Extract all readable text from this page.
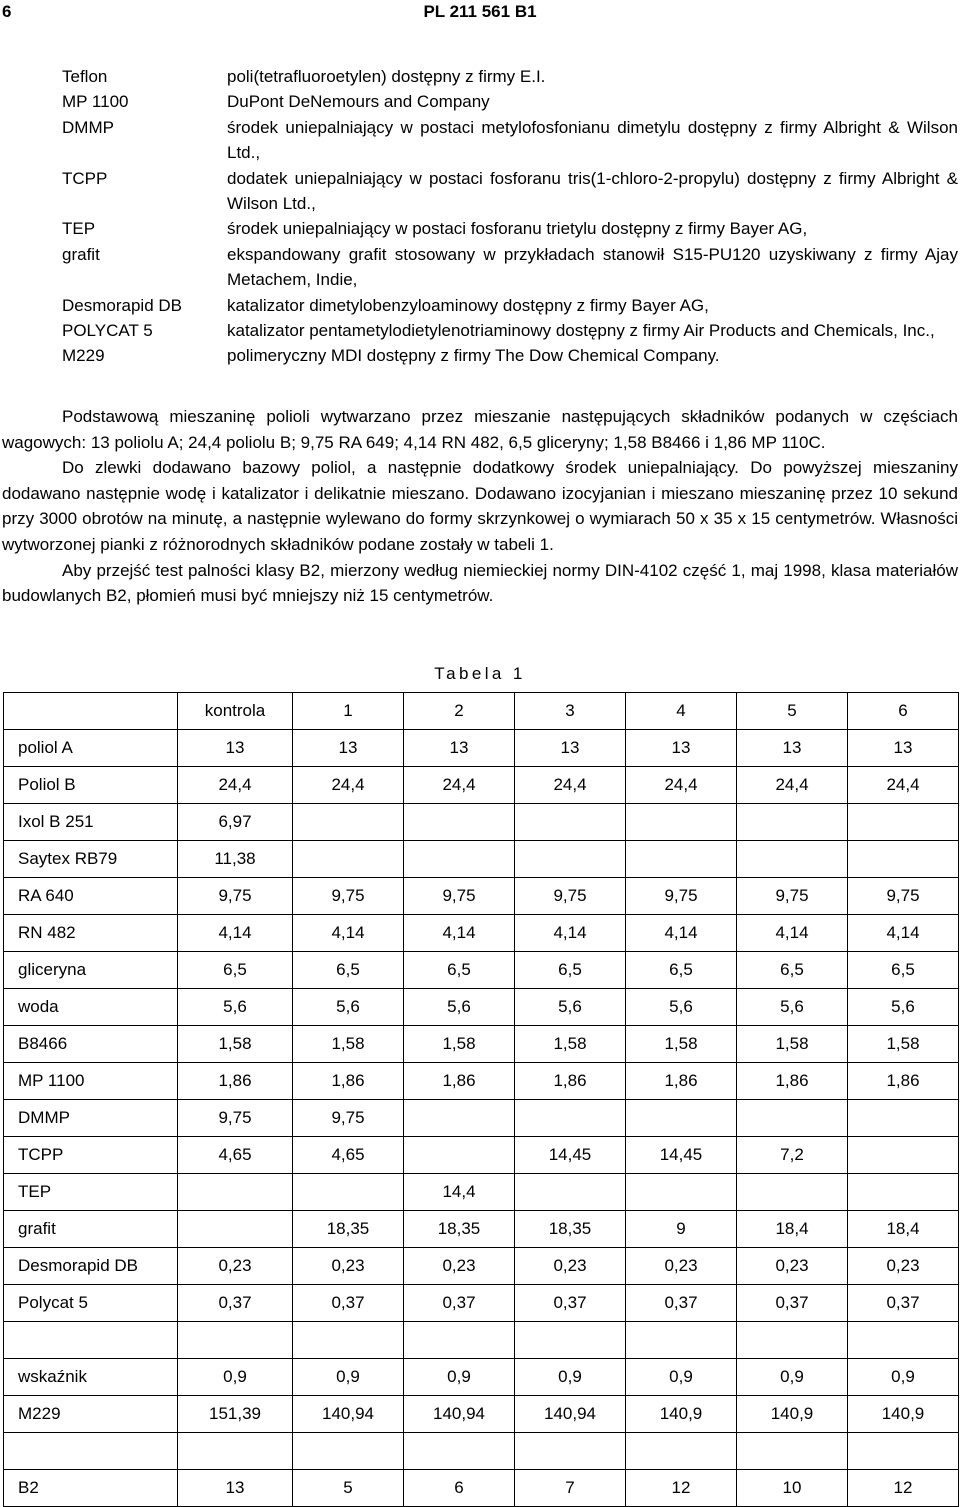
6	PL 211 561 B1
Teflon	poli(tetrafluoroetylen) dostępny z firmy E.I.
MP 1100	DuPont DeNemours and Company
DMMP	środek uniepalniający w postaci metylofosfonianu dimetylu dostępny z firmy Albright & Wilson Ltd.,
TCPP	dodatek uniepalniający w postaci fosforanu tris(1-chloro-2-propylu) dostępny z firmy Albright & Wilson Ltd.,
TEP	środek uniepalniający w postaci fosforanu trietylu dostępny z firmy Bayer AG,
grafit	ekspandowany grafit stosowany w przykładach stanowił S15-PU120 uzyskiwany z firmy Ajay Metachem, Indie,
Desmorapid DB	katalizator dimetylobenzyloaminowy dostępny z firmy Bayer AG,
POLYCAT 5	katalizator pentametylodietylenotriaminowy dostępny z firmy Air Products and Chemicals, Inc.,
M229	polimeryczny MDI dostępny z firmy The Dow Chemical Company.

Podstawową mieszaninę polioli wytwarzano przez mieszanie następujących składników podanych w częściach wagowych: 13 poliolu A; 24,4 poliolu B; 9,75 RA 649; 4,14 RN 482, 6,5 gliceryny; 1,58 B8466 i 1,86 MP 110C.

Do zlewki dodawano bazowy poliol, a następnie dodatkowy środek uniepalniający. Do powyższej mieszaniny dodawano następnie wodę i katalizator i delikatnie mieszano. Dodawano izocyjanian i mieszano mieszaninę przez 10 sekund przy 3000 obrotów na minutę, a następnie wylewano do formy skrzynkowej o wymiarach 50 x 35 x 15 centymetrów. Własności wytworzonej pianki z różnorodnych składników podane zostały w tabeli 1.

Aby przejść test palności klasy B2, mierzony według niemieckiej normy DIN-4102 część 1, maj 1998, klasa materiałów budowlanych B2, płomień musi być mniejszy niż 15 centymetrów.

Tabela 1
	kontrola	1	2	3	4	5	6
poliol A	13	13	13	13	13	13	13
Poliol B	24,4	24,4	24,4	24,4	24,4	24,4	24,4
Ixol B 251	6,97						
Saytex RB79	11,38						
RA 640	9,75	9,75	9,75	9,75	9,75	9,75	9,75
RN 482	4,14	4,14	4,14	4,14	4,14	4,14	4,14
gliceryna	6,5	6,5	6,5	6,5	6,5	6,5	6,5
woda	5,6	5,6	5,6	5,6	5,6	5,6	5,6
B8466	1,58	1,58	1,58	1,58	1,58	1,58	1,58
MP 1100	1,86	1,86	1,86	1,86	1,86	1,86	1,86
DMMP	9,75	9,75					
TCPP	4,65	4,65		14,45	14,45	7,2	
TEP			14,4				
grafit		18,35	18,35	18,35	9	18,4	18,4
Desmorapid DB	0,23	0,23	0,23	0,23	0,23	0,23	0,23
Polycat 5	0,37	0,37	0,37	0,37	0,37	0,37	0,37

wskaźnik	0,9	0,9	0,9	0,9	0,9	0,9	0,9
M229	151,39	140,94	140,94	140,94	140,9	140,9	140,9

B2	13	5	6	7	12	10	12
